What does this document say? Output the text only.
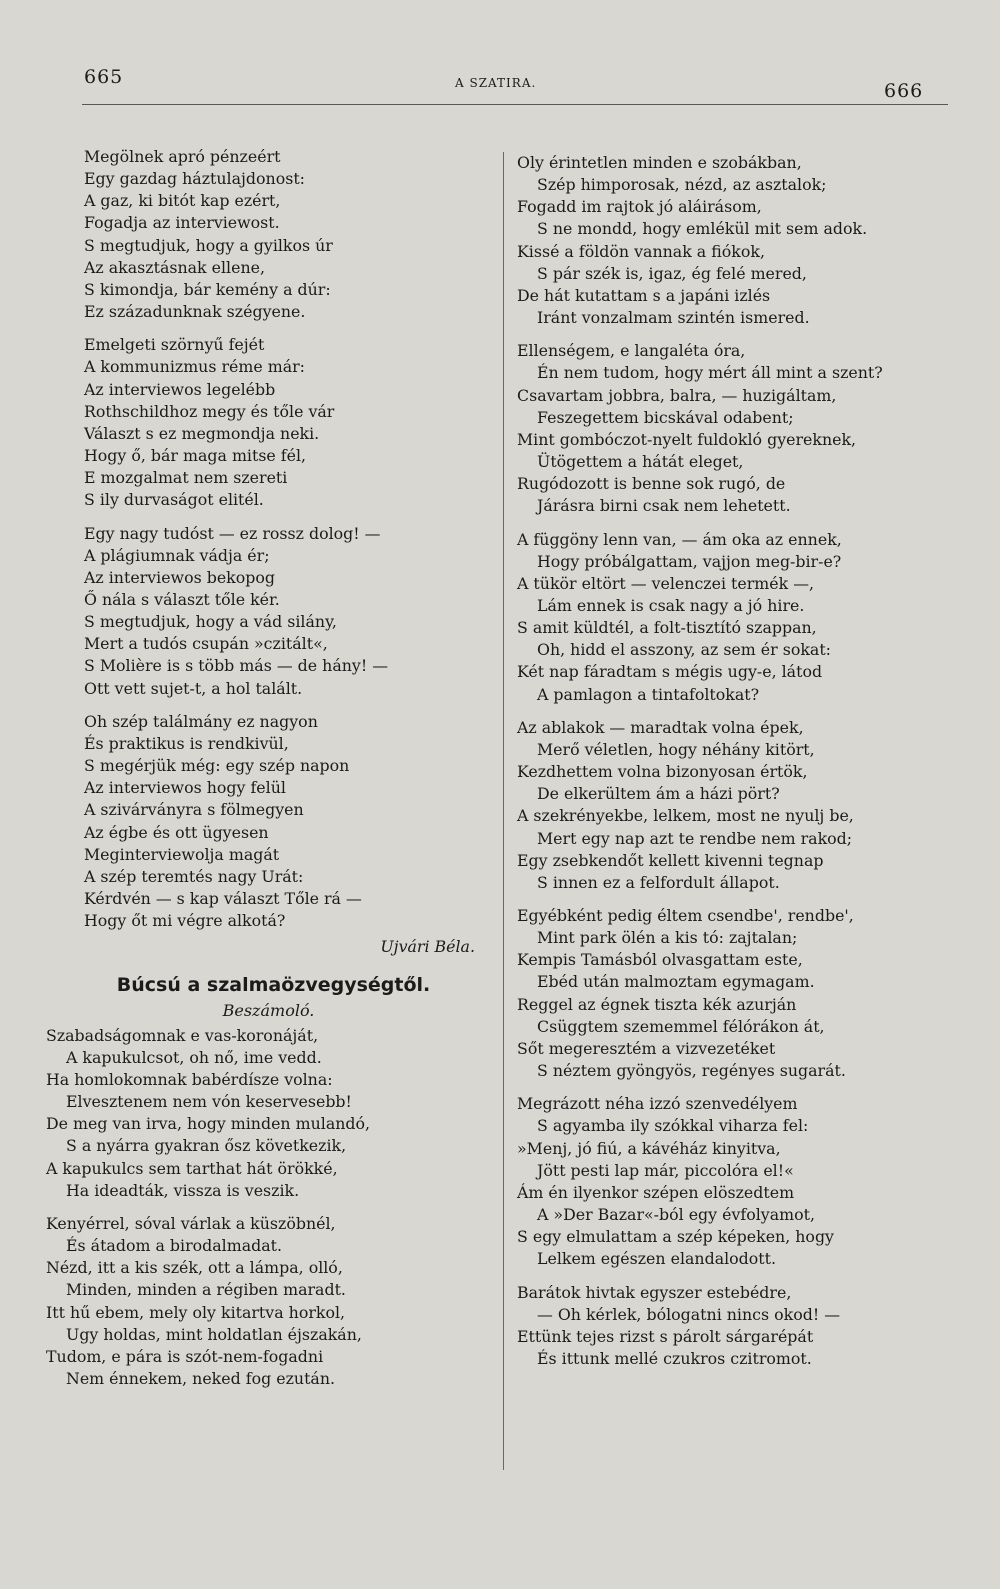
665	A SZATIRA.	666
Megölnek apró pénzeért
Egy gazdag háztulajdonost:
A gaz, ki bitót kap ezért,
Fogadja az interviewost.
S megtudjuk, hogy a gyilkos úr
Az akasztásnak ellene,
S kimondja, bár kemény a dúr:
Ez századunknak szégyene.
Emelgeti szörnyű fejét
A kommunizmus réme már:
Az interviewos legelébb
Rothschildhoz megy és tőle vár
Választ s ez megmondja neki.
Hogy ő, bár maga mitse fél,
E mozgalmat nem szereti
S ily durvaságot elitél.
Egy nagy tudóst — ez rossz dolog! —
A plágiumnak vádja ér;
Az interviewos bekopog
Ő nála s választ tőle kér.
S megtudjuk, hogy a vád silány,
Mert a tudós csupán »czitált«,
S Molière is s több más — de hány! —
Ott vett sujet-t, a hol talált.
Oh szép találmány ez nagyon
És praktikus is rendkivül,
S megérjük még: egy szép napon
Az interviewos hogy felül
A szivárványra s fölmegyen
Az égbe és ott ügyesen
Meginterviewolja magát
A szép teremtés nagy Urát:
Kérdvén — s kap választ Tőle rá —
Hogy őt mi végre alkotá?
Ujvári Béla.
Búcsú a szalmaözvegységtől.
Beszámoló.
Szabadságomnak e vas-koronáját,
A kapukulcsot, oh nő, ime vedd.
Ha homlokomnak babérdísze volna:
Elvesztenem nem vón keservesebb!
De meg van irva, hogy minden mulandó,
S a nyárra gyakran ősz következik,
A kapukulcs sem tarthat hát örökké,
Ha ideadták, vissza is veszik.
Kenyérrel, sóval várlak a küszöbnél,
És átadom a birodalmadat.
Nézd, itt a kis szék, ott a lámpa, olló,
Minden, minden a régiben maradt.
Itt hű ebem, mely oly kitartva horkol,
Ugy holdas, mint holdatlan éjszakán,
Tudom, e pára is szót-nem-fogadni
Nem énnekem, neked fog ezután.
Oly érintetlen minden e szobákban,
Szép himporosak, nézd, az asztalok;
Fogadd im rajtok jó aláirásom,
S ne mondd, hogy emlékül mit sem adok.
Kissé a földön vannak a fiókok,
S pár szék is, igaz, ég felé mered,
De hát kutattam s a japáni izlés
Iránt vonzalmam szintén ismered.
Ellenségem, e langaléta óra,
Én nem tudom, hogy mért áll mint a szent?
Csavartam jobbra, balra, — huzigáltam,
Feszegettem bicskával odabent;
Mint gombóczot-nyelt fuldokló gyereknek,
Ütögettem a hátát eleget,
Rugódozott is benne sok rugó, de
Járásra birni csak nem lehetett.
A függöny lenn van, — ám oka az ennek,
Hogy próbálgattam, vajjon meg-bir-e?
A tükör eltört — velenczei termék —,
Lám ennek is csak nagy a jó hire.
S amit küldtél, a folt-tisztító szappan,
Oh, hidd el asszony, az sem ér sokat:
Két nap fáradtam s mégis ugy-e, látod
A pamlagon a tintafoltokat?
Az ablakok — maradtak volna épek,
Merő véletlen, hogy néhány kitört,
Kezdhettem volna bizonyosan értök,
De elkerültem ám a házi pört?
A szekrényekbe, lelkem, most ne nyulj be,
Mert egy nap azt te rendbe nem rakod;
Egy zsebkendőt kellett kivenni tegnap
S innen ez a felfordult állapot.
Egyébként pedig éltem csendbe', rendbe',
Mint park ölén a kis tó: zajtalan;
Kempis Tamásból olvasgattam este,
Ebéd után malmoztam egymagam.
Reggel az égnek tiszta kék azurján
Csüggtem szememmel félórákon át,
Sőt megeresztém a vizvezetéket
S néztem gyöngyös, regényes sugarát.
Megrázott néha izzó szenvedélyem
S agyamba ily szókkal viharza fel:
»Menj, jó fiú, a kávéház kinyitva,
Jött pesti lap már, piccolóra el!«
Ám én ilyenkor szépen elöszedtem
A »Der Bazar«-ból egy évfolyamot,
S egy elmulattam a szép képeken, hogy
Lelkem egészen elandalodott.
Barátok hivtak egyszer estebédre,
— Oh kérlek, bólogatni nincs okod! —
Ettünk tejes rizst s párolt sárgarépát
És ittunk mellé czukros czitromot.
